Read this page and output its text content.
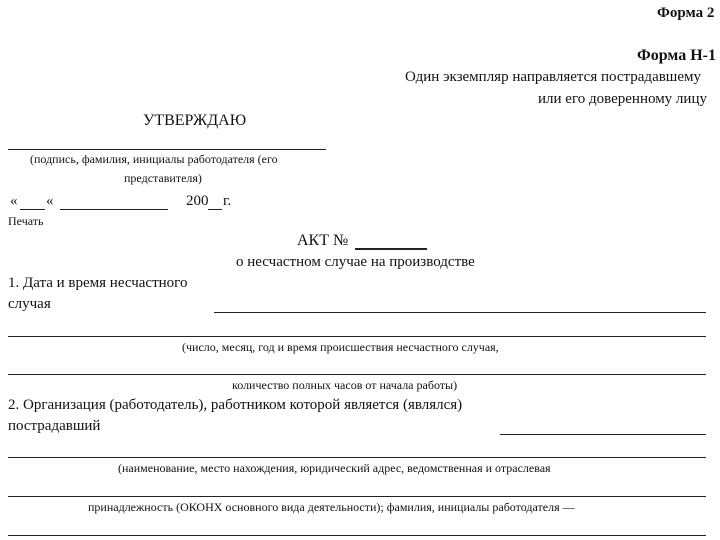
Форма 2
Форма Н-1
Один экземпляр направляется пострадавшему
или его доверенному лицу
УТВЕРЖДАЮ
(подпись, фамилия, инициалы работодателя (его
представителя)
« «	200 г.
Печать
АКТ №
о несчастном случае на производстве
1. Дата и время несчастного
случая
(число, месяц, год и время происшествия несчастного случая,
количество полных часов от начала работы)
2. Организация (работодатель), работником которой является (являлся)
пострадавший
(наименование, место нахождения, юридический адрес, ведомственная и отраслевая
принадлежность (ОКОНХ основного вида деятельности); фамилия, инициалы работодателя —
